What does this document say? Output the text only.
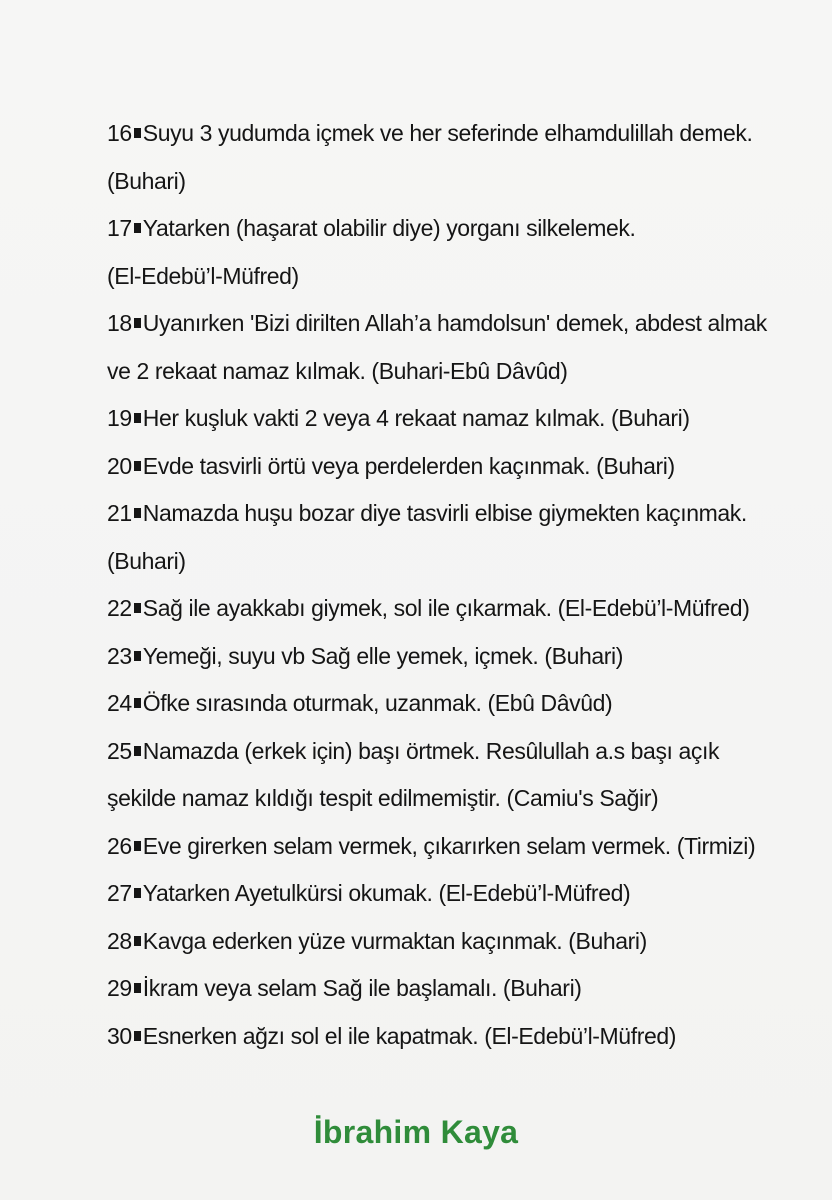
16 Suyu 3 yudumda içmek ve her seferinde elhamdulillah demek.
(Buhari)
17 Yatarken (haşarat olabilir diye) yorganı silkelemek.
(El-Edebü’l-Müfred)
18 Uyanırken 'Bizi dirilten Allah’a hamdolsun' demek, abdest almak
ve 2 rekaat namaz kılmak. (Buhari-Ebû Dâvûd)
19 Her kuşluk vakti 2 veya 4 rekaat namaz kılmak. (Buhari)
20 Evde tasvirli örtü veya perdelerden kaçınmak. (Buhari)
21 Namazda huşu bozar diye tasvirli elbise giymekten kaçınmak.
(Buhari)
22 Sağ ile ayakkabı giymek, sol ile çıkarmak. (El-Edebü’l-Müfred)
23 Yemeği, suyu vb Sağ elle yemek, içmek. (Buhari)
24 Öfke sırasında oturmak, uzanmak. (Ebû Dâvûd)
25 Namazda (erkek için) başı örtmek. Resûlullah a.s başı açık
şekilde namaz kıldığı tespit edilmemiştir. (Camiu's Sağir)
26 Eve girerken selam vermek, çıkarırken selam vermek. (Tirmizi)
27 Yatarken Ayetulkürsi okumak. (El-Edebü’l-Müfred)
28 Kavga ederken yüze vurmaktan kaçınmak. (Buhari)
29 İkram veya selam Sağ ile başlamalı. (Buhari)
30 Esnerken ağzı sol el ile kapatmak. (El-Edebü’l-Müfred)
İbrahim Kaya
